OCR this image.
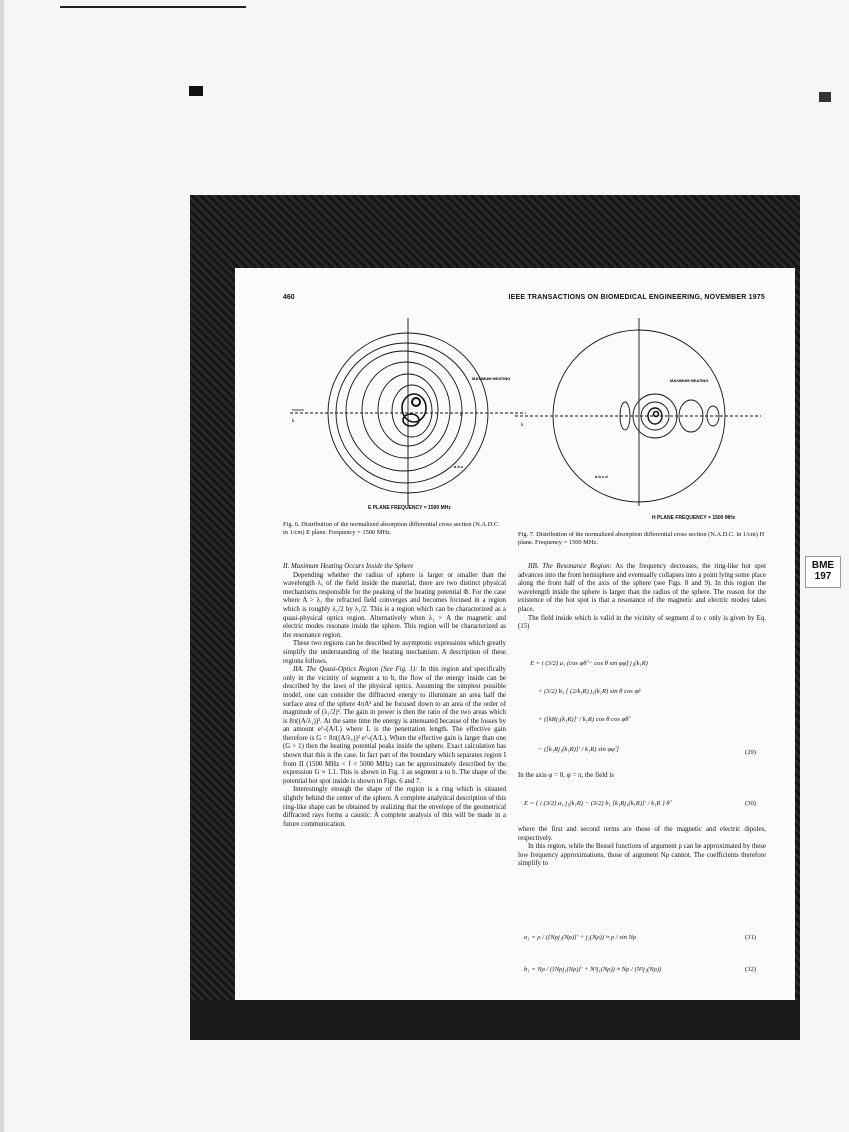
BME
197
460	IEEE TRANSACTIONS ON BIOMEDICAL ENGINEERING, NOVEMBER 1975
MAXIMUM HEATING
b
k
a b c
E PLANE FREQUENCY = 1500 MHz
Fig. 6. Distribution of the normalized absorption differential cross section (N.A.D.C. in 1/cm) E plane. Frequency = 1500 MHz.
MAXIMUM HEATING
k
a b c d
H PLANE FREQUENCY = 1500 MHz
Fig. 7. Distribution of the normalized absorption differential cross section (N.A.D.C. in 1/cm) H plane. Frequency = 1500 MHz.

II. Maximum Heating Occurs Inside the Sphere

Depending whether the radius of sphere is larger or smaller than the wavelength λ₁ of the field inside the material, there are two distinct physical mechanisms responsible for the peaking of the heating potential Φ. For the case where A > λ₁ the refracted field converges and becomes focused in a region which is roughly λ₁/2 by λ₁/2. This is a region which can be characterized as a quasi-physical optics region. Alternatively when λ₁ > A the magnetic and electric modes resonate inside the sphere. This region will be characterized as the resonance region.

These two regions can be described by asymptotic expressions which greatly simplify the understanding of the heating mechanism. A description of these regions follows.

IIA. The Quasi-Optics Region (See Fig. 1): In this region and specifically only in the vicinity of segment a to b, the flow of the energy inside can be described by the laws of the physical optics. Assuming the simplest possible model, one can consider the diffracted energy to illuminate an area half the surface area of the sphere 4πA² and be focused down to an area of the order of magnitude of (λ₁/2)². The gain in power is then the ratio of the two areas which is 8π((A/λ₁))². At the same time the energy is attenuated because of the losses by an amount e^-(A/L) where L is the penetration length. The effective gain therefore is G = 8π((A/λ₁))² e^-(A/L). When the effective gain is larger than one (G > 1) then the heating potential peaks inside the sphere. Exact calculation has shown that this is the case. In fact part of the boundary which separates region I from II (1500 MHz < f < 5000 MHz) can be approximately described by the expression G ≈ 1.1. This is shown in Fig. 1 as segment a to b. The shape of the potential hot spot inside is shown in Figs. 6 and 7.

Interestingly enough the shape of the region is a ring which is situated slightly behind the center of the sphere. A complete analytical description of this ring-like shape can be obtained by realizing that the envelope of the geometrical diffracted rays forms a caustic. A complete analysis of this will be made in a future communication.

IIB. The Resonance Region: As the frequency decreases, the ring-like hot spot advances into the front hemisphere and eventually collapses into a point lying some place along the front half of the axis of the sphere (see Figs. 8 and 9). In this region the wavelength inside the sphere is larger than the radius of the sphere. The reason for the existence of the hot spot is that a resonance of the magnetic and electric modes takes place.

The field inside which is valid in the vicinity of segment d to c only is given by Eq. (15)

E = i (3/2) a₁ (cos φθ̂ − cos θ sin φφ̂) j₁(k₁R)
+ (3/2) b₁ [ (2/k₁R) j₁(k₁R) sin θ cos φr̂
+ ([kRj₁(k₁R)]′ / k₁R) cos θ cos φθ̂
− ([k₁Rj₁(k₁R)]′ / k₁R) sin φφ̂ ]	(29)
In the axis φ = 0, φ = π, the field is
E = { i (3/2) a₁ j₁(k₁R) − (3/2) b₁ [k₁Rj₁(k₁R)]′ / k₁R } θ̂	(30)

where the first and second terms are those of the magnetic and electric dipoles, respectively.

In this region, while the Bessel functions of argument ρ can be approximated by these low frequency approximations, those of argument Nρ cannot. The coefficients therefore simplify to

a₁ = ρ / ([Nρj₁(Nρ)]′ + j₁(Nρ)) ≈ ρ / sin Nρ	(31)
b₁ = Nρ / ([Nρj₁(Nρ)]′ + N²j₁(Nρ)) ≈ Nρ / (N²j₁(Nρ))	(32)
